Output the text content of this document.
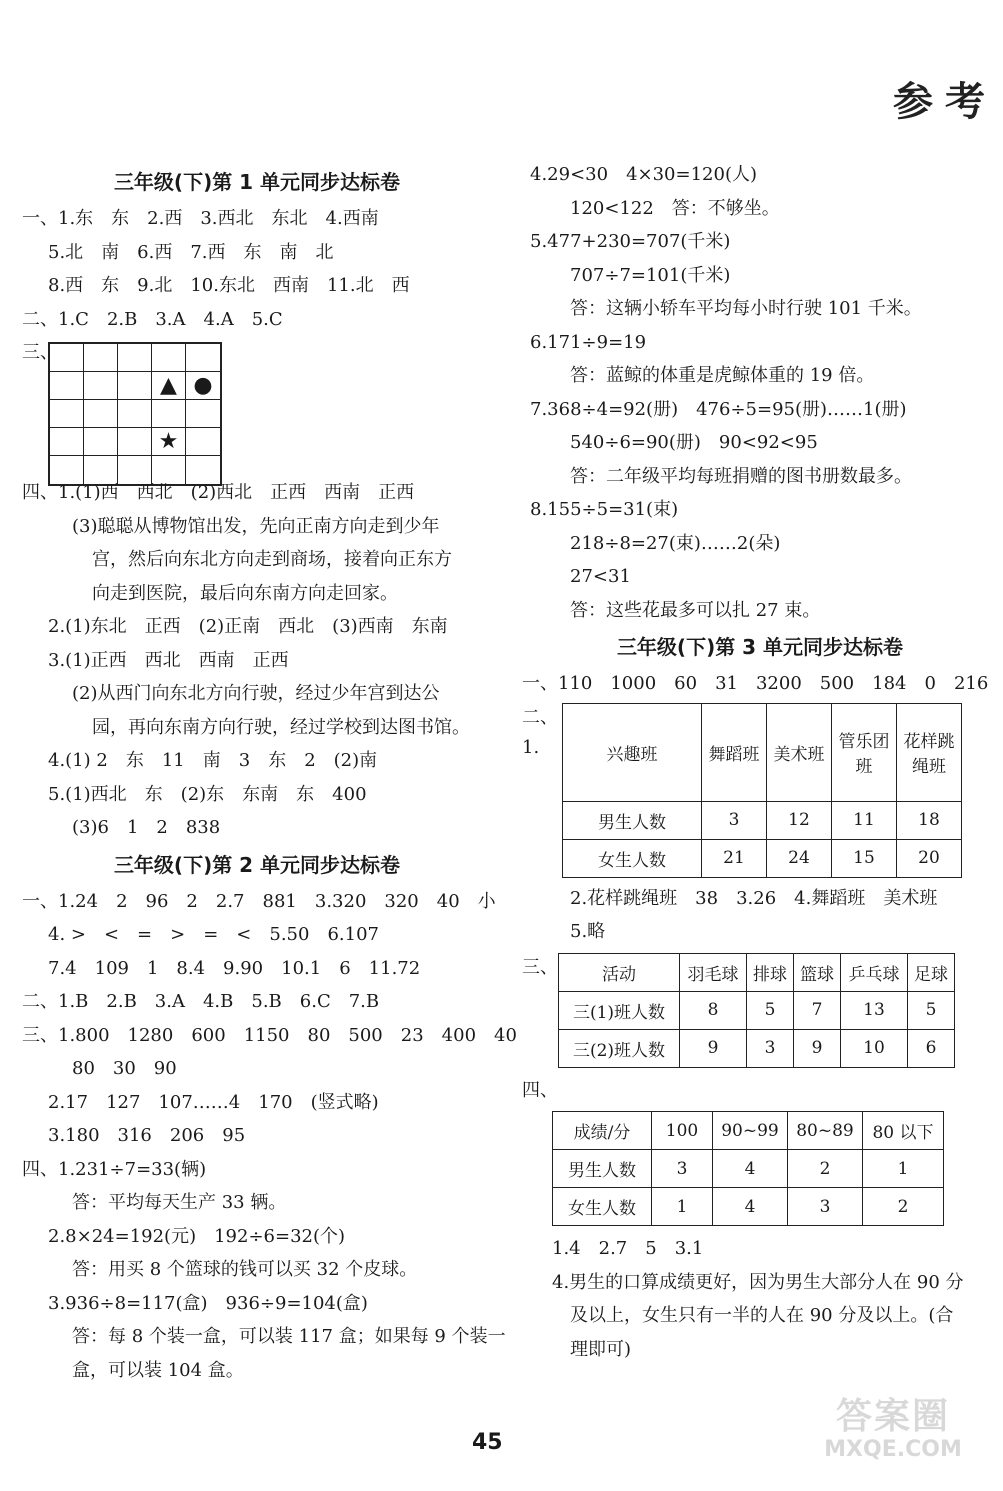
参考
三年级(下)第 1 单元同步达标卷
一、1.东　东　2.西　3.西北　东北　4.西南
5.北　南　6.西　7.西　东　南　北
8.西　东　9.北　10.东北　西南　11.北　西
二、1.C　2.B　3.A　4.A　5.C
三、
▲ ●
★
四、1.(1)西　西北　(2)西北　正西　西南　正西
(3)聪聪从博物馆出发，先向正南方向走到少年
宫，然后向东北方向走到商场，接着向正东方
向走到医院，最后向东南方向走回家。
2.(1)东北　正西　(2)正南　西北　(3)西南　东南
3.(1)正西　西北　西南　正西
(2)从西门向东北方向行驶，经过少年宫到达公
园，再向东南方向行驶，经过学校到达图书馆。
4.(1) 2　东　11　南　3　东　2　(2)南
5.(1)西北　东　(2)东　东南　东　400
(3)6　1　2　838
三年级(下)第 2 单元同步达标卷
一、1.24　2　96　2　2.7　881　3.320　320　40　小
4. >　<　=　>　=　<　5.50　6.107
7.4　109　1　8.4　9.90　10.1　6　11.72
二、1.B　2.B　3.A　4.B　5.B　6.C　7.B
三、1.800　1280　600　1150　80　500　23　400　40
80　30　90
2.17　127　107……4　170　(竖式略)
3.180　316　206　95
四、1.231÷7=33(辆)
答：平均每天生产 33 辆。
2.8×24=192(元)　192÷6=32(个)
答：用买 8 个篮球的钱可以买 32 个皮球。
3.936÷8=117(盒)　936÷9=104(盒)
答：每 8 个装一盒，可以装 117 盒；如果每 9 个装一
盒，可以装 104 盒。
4.29<30　4×30=120(人)
120<122　答：不够坐。
5.477+230=707(千米)
707÷7=101(千米)
答：这辆小轿车平均每小时行驶 101 千米。
6.171÷9=19
答：蓝鲸的体重是虎鲸体重的 19 倍。
7.368÷4=92(册)　476÷5=95(册)……1(册)
540÷6=90(册)　90<92<95
答：二年级平均每班捐赠的图书册数最多。
8.155÷5=31(束)
218÷8=27(束)……2(朵)
27<31
答：这些花最多可以扎 27 束。
三年级(下)第 3 单元同步达标卷
一、110　1000　60　31　3200　500　184　0　216
二、1.	兴趣班	舞蹈班	美术班	管乐团班	花样跳绳班
男生人数	3	12	11	18
女生人数	21	24	15	20
2.花样跳绳班　38　3.26　4.舞蹈班　美术班
5.略
三、	活动	羽毛球	排球	篮球	乒乓球	足球
三(1)班人数	8	5	7	13	5
三(2)班人数	9	3	9	10	6
四、
成绩/分	100	90~99	80~89	80 以下
男生人数	3	4	2	1
女生人数	1	4	3	2
1.4　2.7　5　3.1
4.男生的口算成绩更好，因为男生大部分人在 90 分
及以上，女生只有一半的人在 90 分及以上。(合
理即可)
45
答案圈
MXQE.COM
